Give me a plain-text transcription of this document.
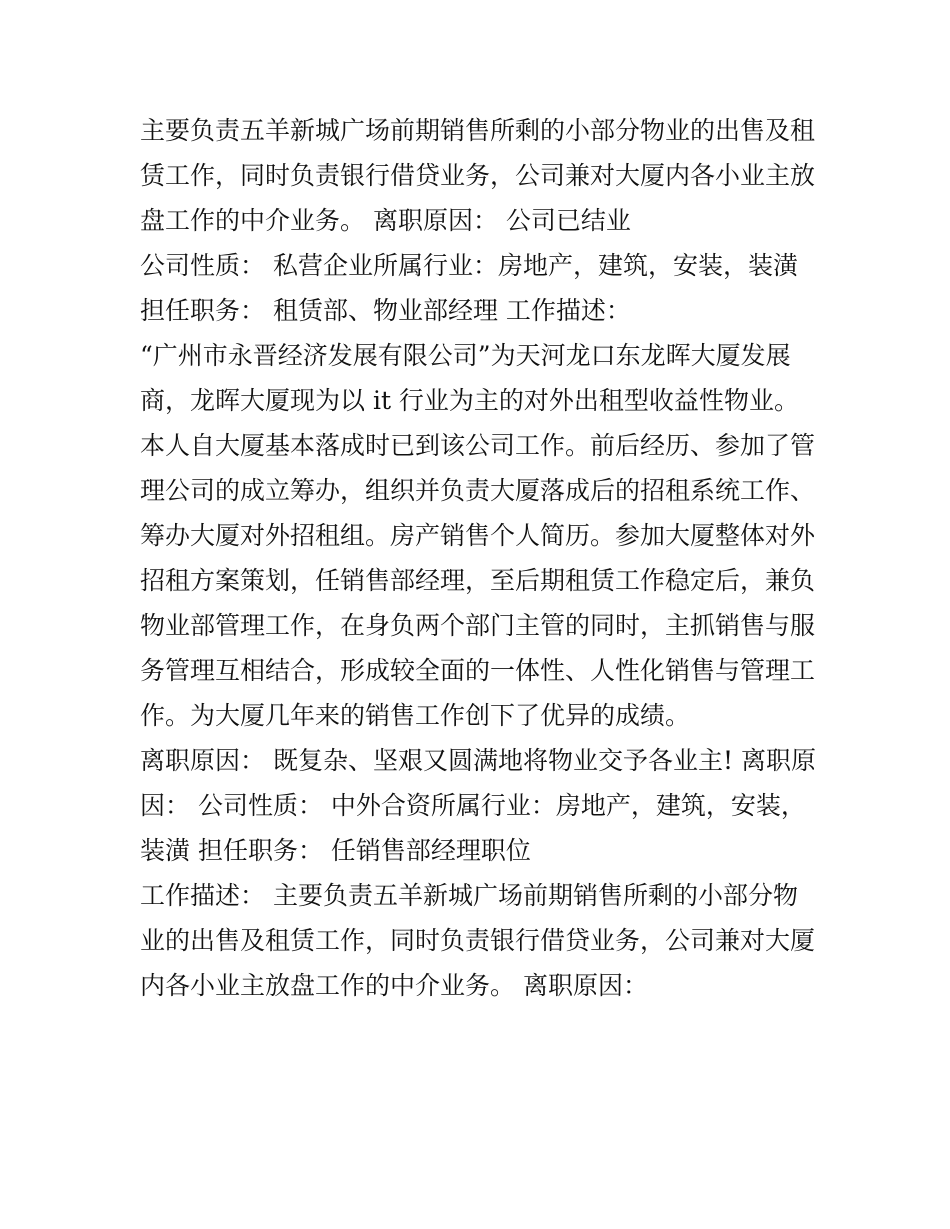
主要负责五羊新城广场前期销售所剩的小部分物业的出售及租
赁工作，同时负责银行借贷业务，公司兼对大厦内各小业主放
盘工作的中介业务。 离职原因： 公司已结业
公司性质： 私营企业所属行业：房地产，建筑，安装，装潢
担任职务： 租赁部、物业部经理 工作描述：
“广州市永晋经济发展有限公司”为天河龙口东龙晖大厦发展
商，龙晖大厦现为以 it 行业为主的对外出租型收益性物业。
本人自大厦基本落成时已到该公司工作。前后经历、参加了管
理公司的成立筹办，组织并负责大厦落成后的招租系统工作、
筹办大厦对外招租组。房产销售个人简历。参加大厦整体对外
招租方案策划，任销售部经理，至后期租赁工作稳定后，兼负
物业部管理工作，在身负两个部门主管的同时，主抓销售与服
务管理互相结合，形成较全面的一体性、人性化销售与管理工
作。为大厦几年来的销售工作创下了优异的成绩。
离职原因： 既复杂、坚艰又圆满地将物业交予各业主! 离职原
因： 公司性质： 中外合资所属行业：房地产，建筑，安装，
装潢 担任职务： 任销售部经理职位
工作描述： 主要负责五羊新城广场前期销售所剩的小部分物
业的出售及租赁工作，同时负责银行借贷业务，公司兼对大厦
内各小业主放盘工作的中介业务。 离职原因：
